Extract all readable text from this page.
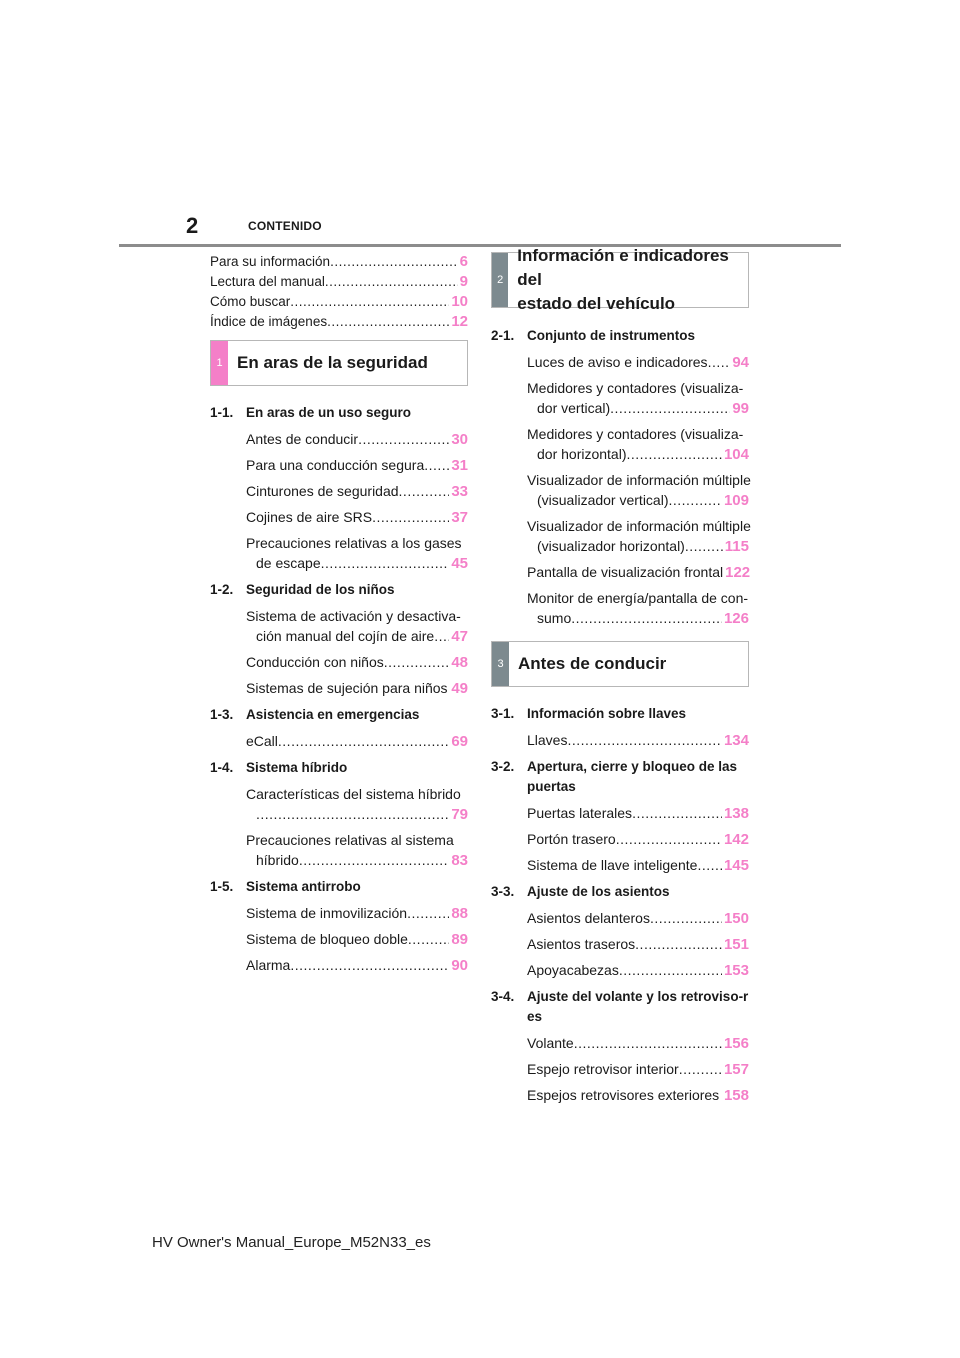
2	CONTENIDO
Para su información .....	6
Lectura del manual .....	9
Cómo buscar .....	10
Índice de imágenes .....	12
1 En aras de la seguridad
1-1. En aras de un uso seguro
Antes de conducir .....	30
Para una conducción segura ..... 31
Cinturones de seguridad .....	33
Cojines de aire SRS .....	37
Precauciones relativas a los gases
de escape .....	45
1-2. Seguridad de los niños
Sistema de activación y desactiva-
ción manual del cojín de aire ..... 47
Conducción con niños .....	48
Sistemas de sujeción para niños 49
1-3. Asistencia en emergencias
eCall .....	69
1-4. Sistema híbrido
Características del sistema híbrido
.....
79
Precauciones relativas al sistema
híbrido .....	83
1-5. Sistema antirrobo
Sistema de inmovilización .....	88
Sistema de bloqueo doble .....	89
Alarma .....	90
2
Información e indicadores del
estado del vehículo
2-1. Conjunto de instrumentos
Luces de aviso e indicadores ..... 94
Medidores y contadores (visualiza-
dor vertical) .....	99
Medidores y contadores (visualiza-
dor horizontal) .....	104
Visualizador de información múltiple
(visualizador vertical) .....	109
Visualizador de información múltiple
(visualizador horizontal) .....	115
Pantalla de visualización frontal 122
Monitor de energía/pantalla de con-
sumo .....	126
3 Antes de conducir
3-1. Información sobre llaves
Llaves .....	134
3-2. Apertura, cierre y bloqueo de las puertas
Puertas laterales .....	138
Portón trasero .....	142
Sistema de llave inteligente ..... 145
3-3. Ajuste de los asientos
Asientos delanteros .....	150
Asientos traseros .....	151
Apoyacabezas .....	153
3-4. Ajuste del volante y los retroviso-res
Volante .....	156
Espejo retrovisor interior .....	157
Espejos retrovisores exteriores 158
HV Owner's Manual_Europe_M52N33_es
